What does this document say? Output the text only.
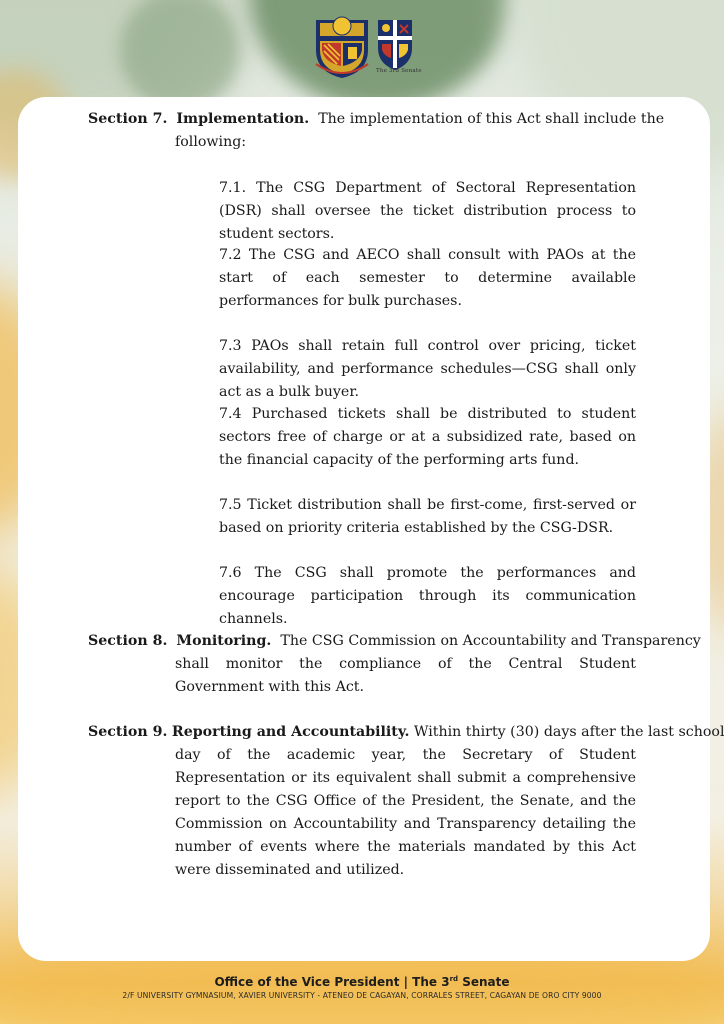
The 3rd Senate
Section 7. Implementation. The implementation of this Act shall include the
following:
7.1. The CSG Department of Sectoral Representation (DSR) shall oversee the ticket distribution process to student sectors.
7.2 The CSG and AECO shall consult with PAOs at the start of each semester to determine available performances for bulk purchases.
7.3 PAOs shall retain full control over pricing, ticket availability, and performance schedules—CSG shall only act as a bulk buyer.
7.4 Purchased tickets shall be distributed to student sectors free of charge or at a subsidized rate, based on the financial capacity of the performing arts fund.
7.5 Ticket distribution shall be first-come, first-served or based on priority criteria established by the CSG-DSR.
7.6 The CSG shall promote the performances and encourage participation through its communication channels.
Section 8. Monitoring. The CSG Commission on Accountability and Transparency
shall monitor the compliance of the Central Student Government with this Act.
Section 9. Reporting and Accountability. Within thirty (30) days after the last school
day of the academic year, the Secretary of Student Representation or its equivalent shall submit a comprehensive report to the CSG Office of the President, the Senate, and the Commission on Accountability and Transparency detailing the number of events where the materials mandated by this Act were disseminated and utilized.
Office of the Vice President | The 3rd Senate
2/F UNIVERSITY GYMNASIUM, XAVIER UNIVERSITY - ATENEO DE CAGAYAN, CORRALES STREET, CAGAYAN DE ORO CITY 9000
